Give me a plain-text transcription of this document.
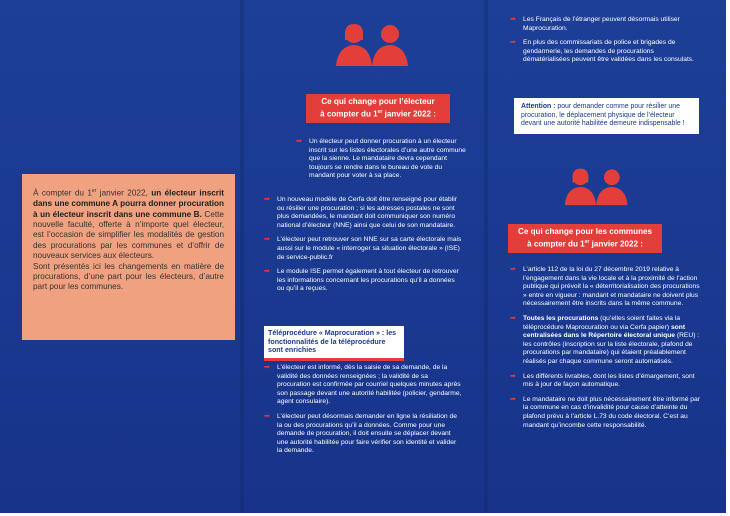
À compter du 1er janvier 2022, un électeur inscrit dans une commune A pourra donner procuration à un électeur inscrit dans une commune B. Cette nouvelle faculté, offerte à n’importe quel électeur, est l’occasion de simplifier les modalités de gestion des procurations par les communes et d’offrir de nouveaux services aux électeurs.
Sont présentés ici les changements en matière de procurations, d’une part pour les électeurs, d’autre part pour les communes.
Ce qui change pour l’électeur
à compter du 1er janvier 2022 :
➡ Un électeur peut donner procuration à un électeur inscrit sur les listes électorales d’une autre commune que la sienne. Le mandataire devra cependant toujours se rendre dans le bureau de vote du mandant pour voter à sa place.
➡ Un nouveau modèle de Cerfa doit être renseigné pour établir ou résilier une procuration ; si les adresses postales ne sont plus demandées, le mandant doit communiquer son numéro national d’électeur (NNE) ainsi que celui de son mandataire.
➡ L’électeur peut retrouver son NNE sur sa carte électorale mais aussi sur le module « interroger sa situation électorale » (ISE) de service-public.fr
➡ Le module ISE permet également à tout électeur de retrouver les informations concernant les procurations qu’il a données ou qu’il a reçues.
Téléprocédure « Maprocuration » : les fonctionnalités de la téléprocédure sont enrichies
➡ L’électeur est informé, dès la saisie de sa demande, de la validité des données renseignées ; la validité de sa procuration est confirmée par courriel quelques minutes après son passage devant une autorité habilitée (policier, gendarme, agent consulaire).
➡ L’électeur peut désormais demander en ligne la résiliation de la ou des procurations qu’il a données. Comme pour une demande de procuration, il doit ensuite se déplacer devant une autorité habilitée pour faire vérifier son identité et valider la demande.
➡ Les Français de l’étranger peuvent désormais utiliser Maprocuration.
➡ En plus des commissariats de police et brigades de gendarmerie, les demandes de procurations dématérialisées peuvent être validées dans les consulats.
Attention : pour demander comme pour résilier une procuration, le déplacement physique de l’électeur devant une autorité habilitée demeure indispensable !
Ce qui change pour les communes
à compter du 1er janvier 2022 :
➡ L’article 112 de la loi du 27 décembre 2019 relative à l’engagement dans la vie locale et à la proximité de l’action publique qui prévoit la « déterritorialisation des procurations » entre en vigueur : mandant et mandataire ne doivent plus nécessairement être inscrits dans la même commune.
➡ Toutes les procurations (qu’elles soient faites via la téléprocédure Maprocuration ou via Cerfa papier) sont centralisées dans le Répertoire électoral unique (REU) : les contrôles (inscription sur la liste électorale, plafond de procurations par mandataire) qui étaient préalablement réalisés par chaque commune seront automatisés.
➡ Les différents livrables, dont les listes d’émargement, sont mis à jour de façon automatique.
➡ Le mandataire ne doit plus nécessairement être informé par la commune en cas d’invalidité pour cause d’atteinte du plafond prévu à l’article L.73 du code électoral. C’est au mandant qu’incombe cette responsabilité.
